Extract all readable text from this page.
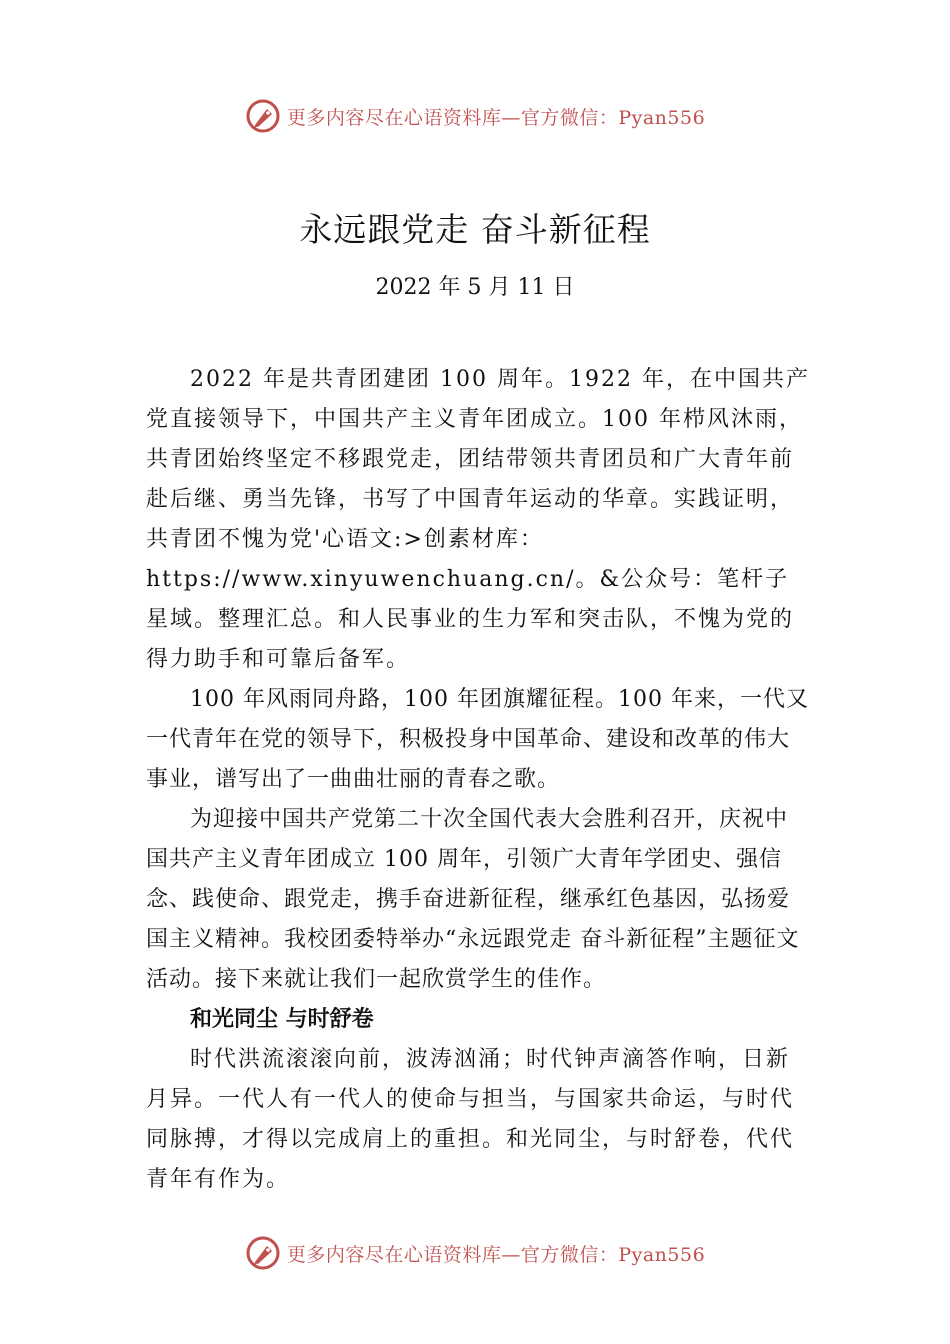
更多内容尽在心语资料库—官方微信：Pyan556
永远跟党走 奋斗新征程
2022 年 5 月 11 日

2022 年是共青团建团 100 周年。1922 年，在中国共产党直接领导下，中国共产主义青年团成立。100 年栉风沐雨， 共青团始终坚定不移跟党走，团结带领共青团员和广大青年前赴后继、勇当先锋，书写了中国青年运动的华章。实践证明，共青团不愧为党'心语文:>创素材库：https://www.xinyuwenchuang.cn/。&公众号：笔杆子星域。整理汇总。和人民事业的生力军和突击队，不愧为党的得力助手和可靠后备军。

100 年风雨同舟路，100 年团旗耀征程。100 年来，一代又一代青年在党的领导下，积极投身中国革命、建设和改革的伟大事业，谱写出了一曲曲壮丽的青春之歌。

为迎接中国共产党第二十次全国代表大会胜利召开，庆祝中国共产主义青年团成立 100 周年，引领广大青年学团史、强信念、践使命、跟党走，携手奋进新征程，继承红色基因，弘扬爱国主义精神。我校团委特举办“永远跟党走 奋斗新征程”主题征文活动。接下来就让我们一起欣赏学生的佳作。

和光同尘 与时舒卷

时代洪流滚滚向前，波涛汹涌；时代钟声滴答作响，日新月异。一代人有一代人的使命与担当，与国家共命运，与时代同脉搏，才得以完成肩上的重担。和光同尘，与时舒卷，代代青年有作为。

更多内容尽在心语资料库—官方微信：Pyan556
